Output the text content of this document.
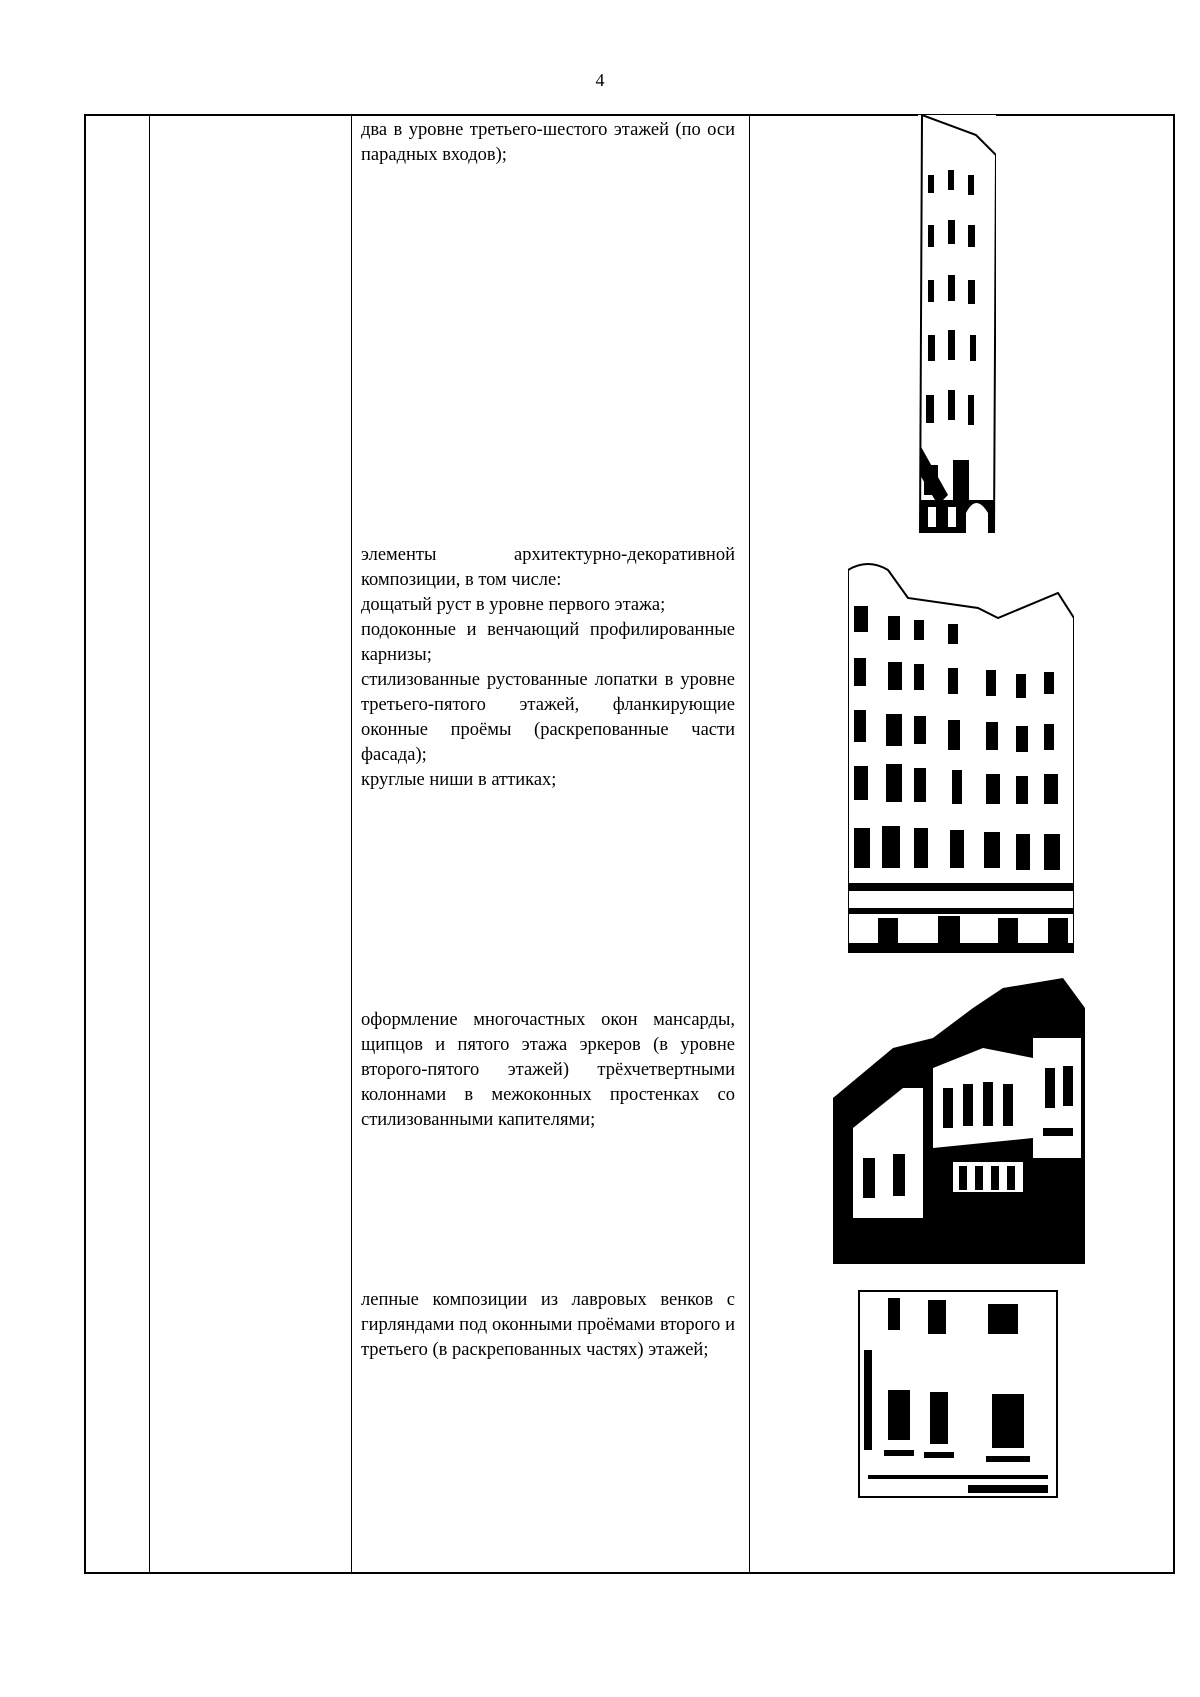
4

два в уровне третьего-шестого этажей (по оси парадных входов);

элементы архитектурно-декоративной композиции, в том числе:

дощатый руст в уровне первого этажа;

подоконные и венчающий профилированные карнизы;

стилизованные рустованные лопатки в уровне третьего-пятого этажей, фланкирующие оконные проёмы (раскрепованные части фасада);

круглые ниши в аттиках;

оформление многочастных окон мансарды, щипцов и пятого этажа эркеров (в уровне второго-пятого этажей) трёхчетвертными колоннами в межоконных простенках со стилизованными капителями;

лепные композиции из лавровых венков с гирляндами под оконными проёмами второго и третьего (в раскрепованных частях) этажей;
